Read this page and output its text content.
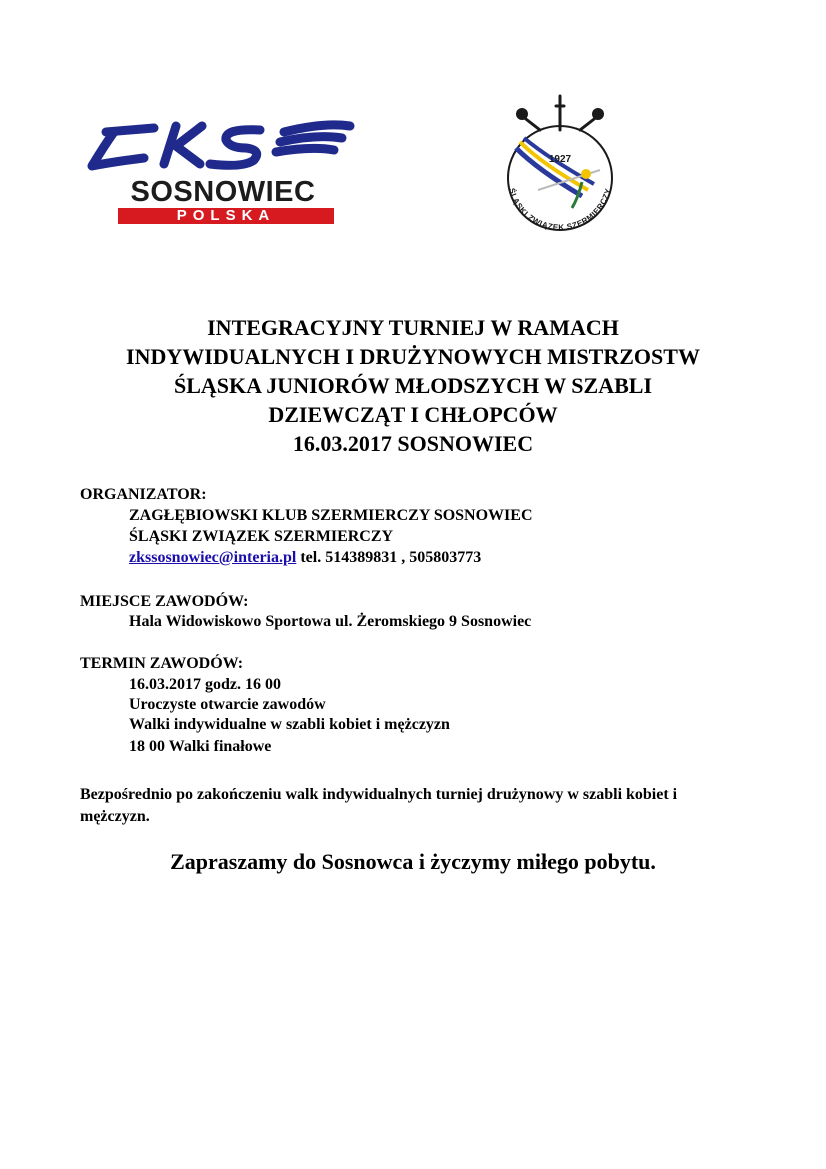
SOSNOWIEC
POLSKA
1927
ŚLĄSKI ZWIĄZEK SZERMIERCZY
INTEGRACYJNY TURNIEJ W RAMACH
INDYWIDUALNYCH I DRUŻYNOWYCH MISTRZOSTW
ŚLĄSKA JUNIORÓW MŁODSZYCH W SZABLI
DZIEWCZĄT I CHŁOPCÓW
16.03.2017 SOSNOWIEC
ORGANIZATOR:
ZAGŁĘBIOWSKI KLUB SZERMIERCZY SOSNOWIEC
ŚLĄSKI ZWIĄZEK SZERMIERCZY
zkssosnowiec@interia.pl tel. 514389831 , 505803773
MIEJSCE ZAWODÓW:
Hala Widowiskowo Sportowa ul. Żeromskiego 9 Sosnowiec
TERMIN ZAWODÓW:
16.03.2017 godz. 16 00
Uroczyste otwarcie zawodów
Walki indywidualne w szabli kobiet i mężczyzn
18 00 Walki finałowe
Bezpośrednio po zakończeniu walk indywidualnych turniej drużynowy w szabli kobiet i mężczyzn.
Zapraszamy do Sosnowca i życzymy miłego pobytu.
